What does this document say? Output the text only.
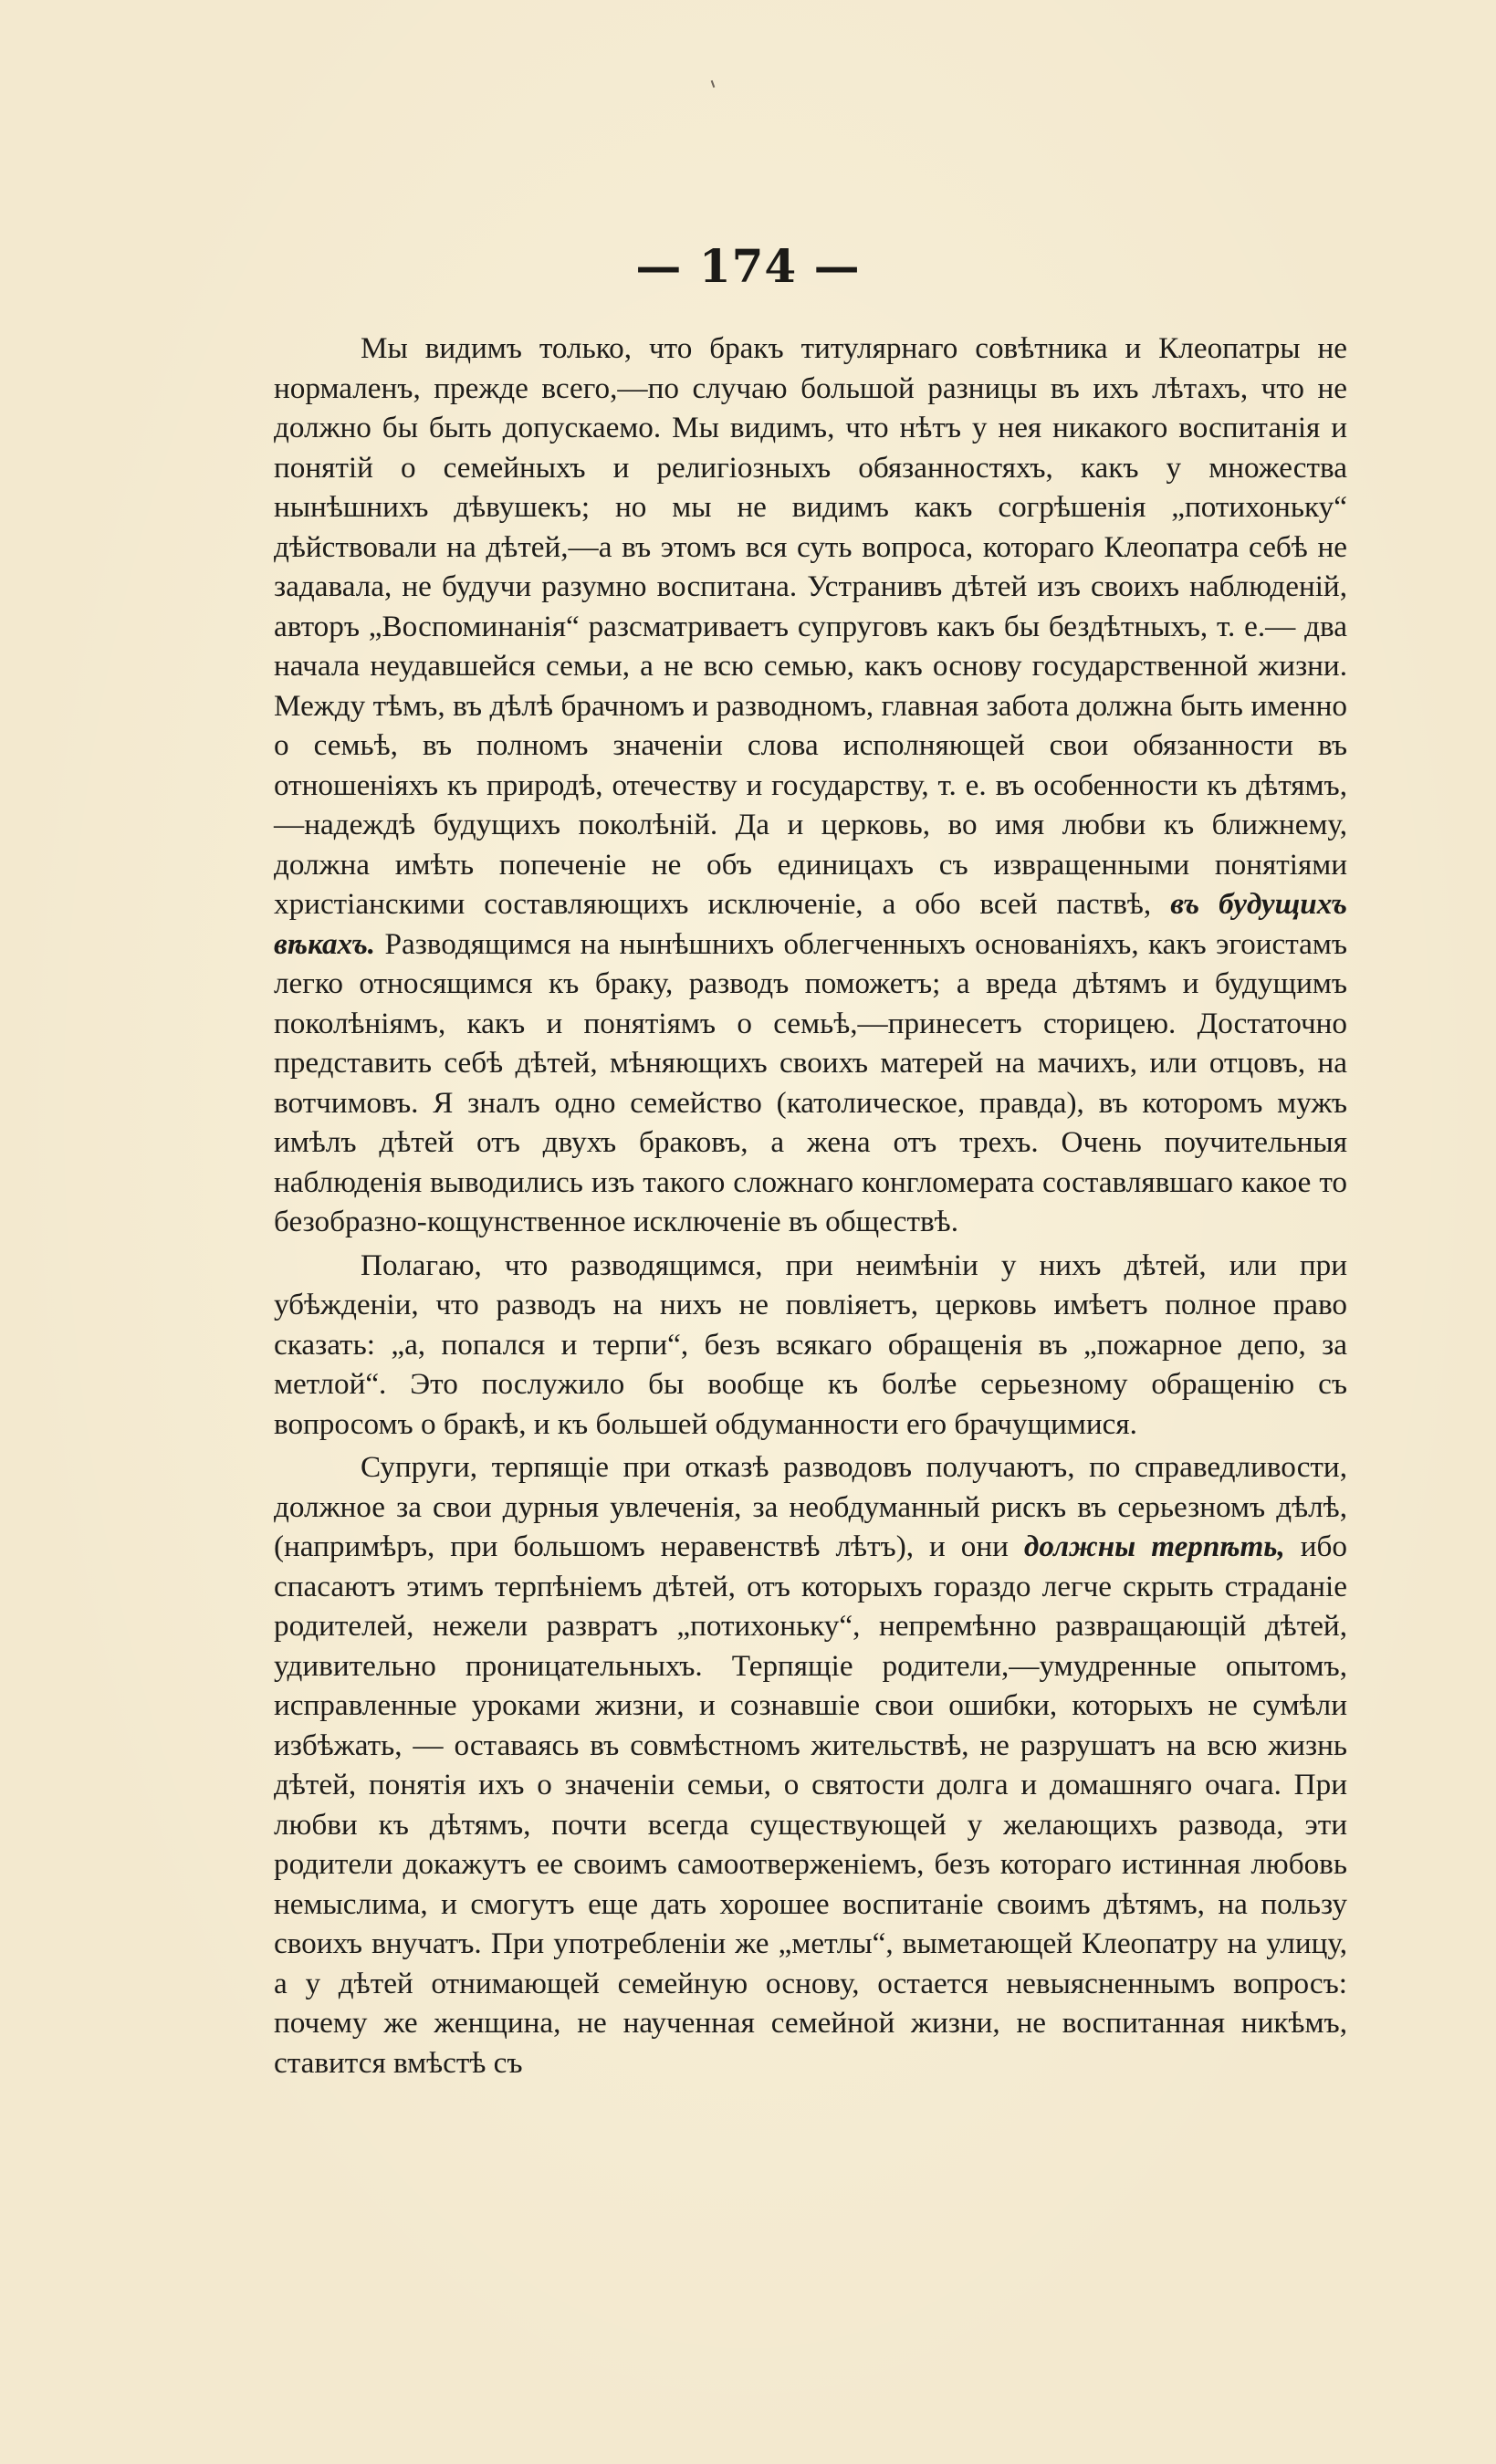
— 174 —

Мы видимъ только, что бракъ титулярнаго совѣтника и Клеопатры не нормаленъ, прежде всего,—по случаю большой разницы въ ихъ лѣтахъ, что не должно бы быть допускаемо. Мы видимъ, что нѣтъ у нея никакого воспитанія и понятій о семейныхъ и религіозныхъ обязанностяхъ, какъ у множества нынѣшнихъ дѣвушекъ; но мы не видимъ какъ согрѣшенія „потихоньку“ дѣйствовали на дѣтей,—а въ этомъ вся суть вопроса, котораго Клеопатра себѣ не задавала, не будучи разумно воспитана. Устранивъ дѣтей изъ своихъ наблюденій, авторъ „Воспоминанія“ разсматриваетъ супруговъ какъ бы бездѣтныхъ, т. е.— два начала неудавшейся семьи, а не всю семью, какъ основу государственной жизни. Между тѣмъ, въ дѣлѣ брачномъ и разводномъ, главная забота должна быть именно о семьѣ, въ полномъ значеніи слова исполняющей свои обязанности въ отношеніяхъ къ природѣ, отечеству и государству, т. е. въ особенности къ дѣтямъ,—надеждѣ будущихъ поколѣній. Да и церковь, во имя любви къ ближнему, должна имѣть попеченіе не объ единицахъ съ извращенными понятіями христіанскими составляющихъ исключеніе, а обо всей паствѣ, въ будущихъ вѣкахъ. Разводящимся на нынѣшнихъ облегченныхъ основаніяхъ, какъ эгоистамъ легко относящимся къ браку, разводъ поможетъ; а вреда дѣтямъ и будущимъ поколѣніямъ, какъ и понятіямъ о семьѣ,—принесетъ сторицею. Достаточно представить себѣ дѣтей, мѣняющихъ своихъ матерей на мачихъ, или отцовъ, на вотчимовъ. Я зналъ одно семейство (католическое, правда), въ которомъ мужъ имѣлъ дѣтей отъ двухъ браковъ, а жена отъ трехъ. Очень поучительныя наблюденія выводились изъ такого сложнаго конгломерата составлявшаго какое то безобразно-кощунственное исключеніе въ обществѣ.

Полагаю, что разводящимся, при неимѣніи у нихъ дѣтей, или при убѣжденіи, что разводъ на нихъ не повліяетъ, церковь имѣетъ полное право сказать: „а, попался и терпи“, безъ всякаго обращенія въ „пожарное депо, за метлой“. Это послужило бы вообще къ болѣе серьезному обращенію съ вопросомъ о бракѣ, и къ большей обдуманности его брачущимися.

Супруги, терпящіе при отказѣ разводовъ получаютъ, по справедливости, должное за свои дурныя увлеченія, за необдуманный рискъ въ серьезномъ дѣлѣ, (напримѣръ, при большомъ неравенствѣ лѣтъ), и они должны терпѣть, ибо спасаютъ этимъ терпѣніемъ дѣтей, отъ которыхъ гораздо легче скрыть страданіе родителей, нежели развратъ „потихоньку“, непремѣнно развращающій дѣтей, удивительно проницательныхъ. Терпящіе родители,—умудренные опытомъ, исправленные уроками жизни, и сознавшіе свои ошибки, которыхъ не сумѣли избѣжать, — оставаясь въ совмѣстномъ жительствѣ, не разрушатъ на всю жизнь дѣтей, понятія ихъ о значеніи семьи, о святости долга и домашняго очага. При любви къ дѣтямъ, почти всегда существующей у желающихъ развода, эти родители докажутъ ее своимъ самоотверженіемъ, безъ котораго истинная любовь немыслима, и смогутъ еще дать хорошее воспитаніе своимъ дѣтямъ, на пользу своихъ внучатъ. При употребленіи же „метлы“, выметающей Клеопатру на улицу, а у дѣтей отнимающей семейную основу, остается невыясненнымъ вопросъ: почему же женщина, не наученная семейной жизни, не воспитанная никѣмъ, ставится вмѣстѣ съ
